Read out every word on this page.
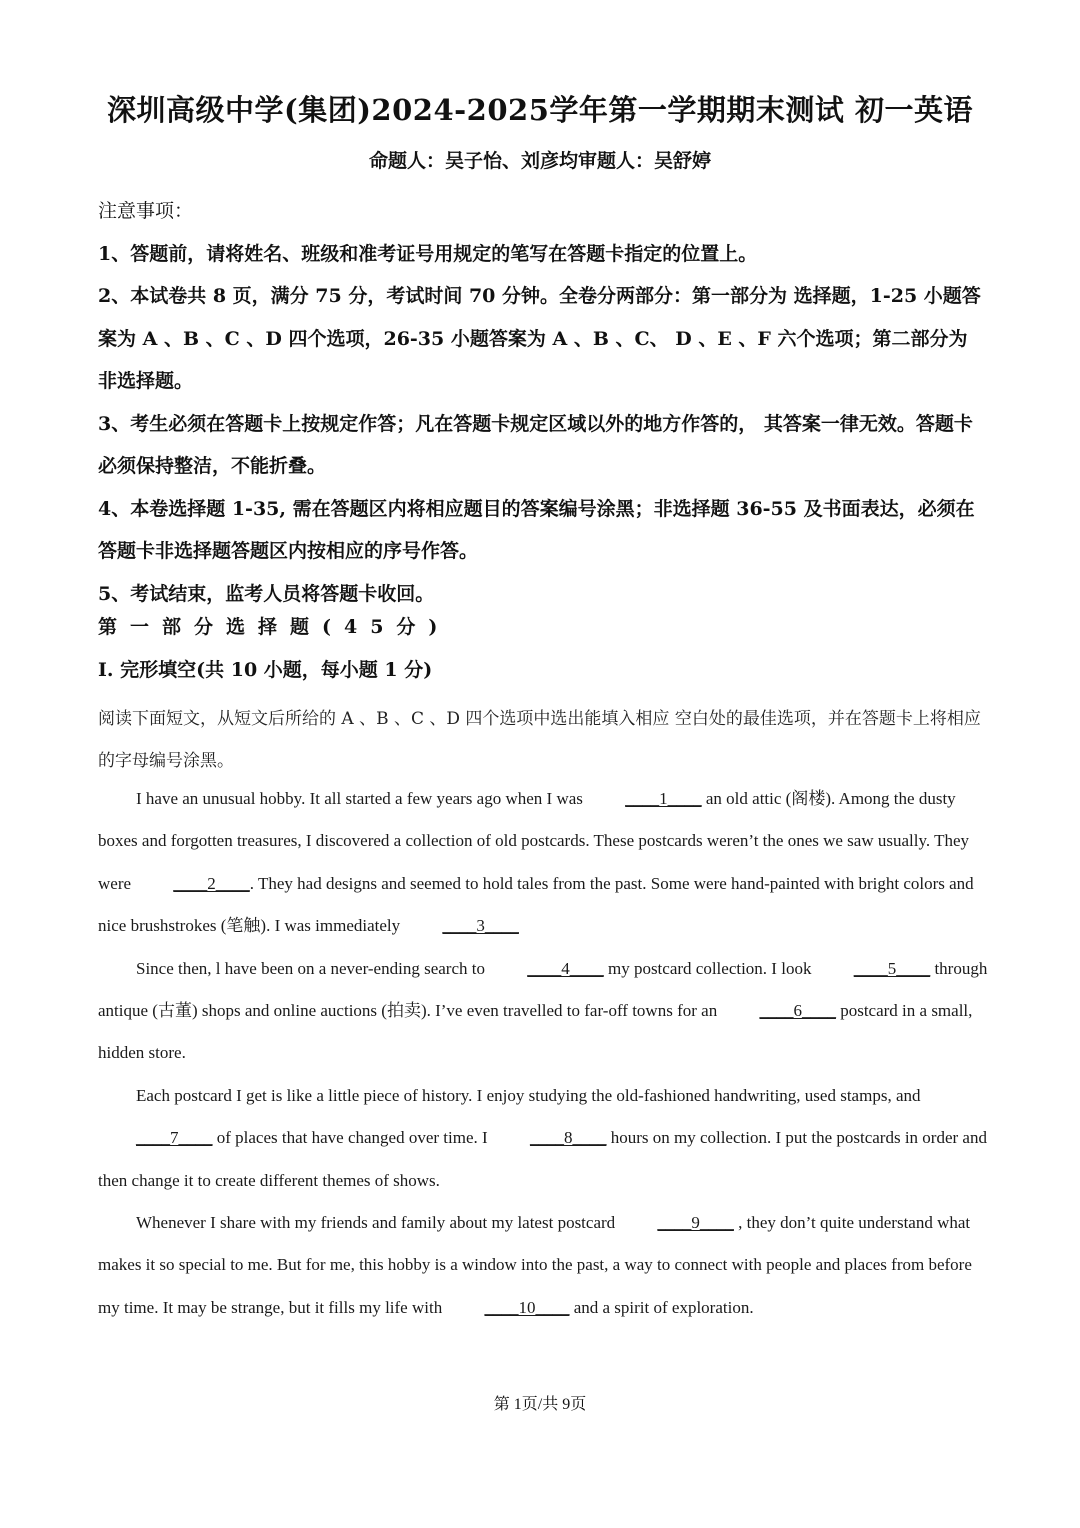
深圳高级中学(集团)2024-2025学年第一学期期末测试 初一英语
命题人：吴子怡、刘彦均审题人：吴舒婷

注意事项：

1、答题前，请将姓名、班级和准考证号用规定的笔写在答题卡指定的位置上。

2、本试卷共 8 页，满分 75 分，考试时间 70 分钟。全卷分两部分：第一部分为 选择题，1-25 小题答案为 A 、B 、C 、D 四个选项，26-35 小题答案为 A 、B 、C、 D 、E 、F 六个选项；第二部分为非选择题。

3、考生必须在答题卡上按规定作答；凡在答题卡规定区域以外的地方作答的， 其答案一律无效。答题卡必须保持整洁，不能折叠。

4、本卷选择题 1-35, 需在答题区内将相应题目的答案编号涂黑；非选择题 36-55 及书面表达，必须在答题卡非选择题答题区内按相应的序号作答。

5、考试结束，监考人员将答题卡收回。

第一部分选择题(45分)
I. 完形填空(共 10 小题，每小题 1 分)
阅读下面短文，从短文后所给的 A 、B 、C 、D 四个选项中选出能填入相应 空白处的最佳选项，并在答题卡上将相应的字母编号涂黑。

I have an unusual hobby. It all started a few years ago when I was ____1____ an old attic (阁楼). Among the dusty boxes and forgotten treasures, I discovered a collection of old postcards. These postcards weren’t the ones we saw usually. They were ____2____. They had designs and seemed to hold tales from the past. Some were hand-painted with bright colors and nice brushstrokes (笔触). I was immediately ____3____

Since then, l have been on a never-ending search to ____4____ my postcard collection. I look ____5____ through antique (古董) shops and online auctions (拍卖). I’ve even travelled to far-off towns for an ____6____ postcard in a small, hidden store.

Each postcard I get is like a little piece of history. I enjoy studying the old-fashioned handwriting, used stamps, and ____7____ of places that have changed over time. I ____8____ hours on my collection. I put the postcards in order and then change it to create different themes of shows.

Whenever I share with my friends and family about my latest postcard ____9____ , they don’t quite understand what makes it so special to me. But for me, this hobby is a window into the past, a way to connect with people and places from before my time. It may be strange, but it fills my life with ____10____ and a spirit of exploration.

第 1页/共 9页
